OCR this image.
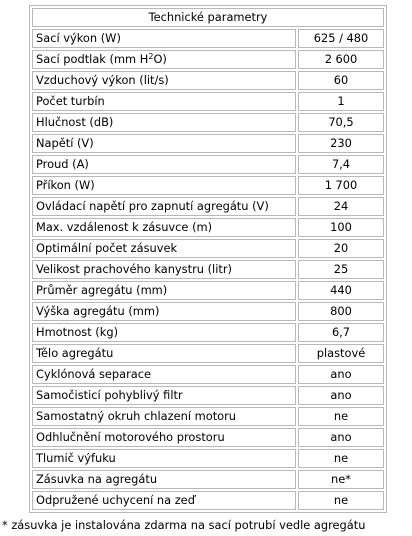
Technické parametry	
Sací výkon (W)	625 / 480
Sací podtlak (mm $H^2O$)	2 600
Vzduchový výkon (lit/s)	60
Počet turbín	1
Hlučnost (dB)	70,5
Napětí (V)	230
Proud (A)	7,4
Příkon (W)	1 700
Ovládací napětí pro zapnutí agregátu (V)	24
Max. vzdálenost k zásuvce (m)	100
Optimální počet zásuvek	20
Velikost prachového kanystru (litr)	25
Průměr agregátu (mm)	440
Výška agregátu (mm)	800
Hmotnost (kg)	6,7
Tělo agregátu	plastové
Cyklónová separace	ano
Samočisticí pohyblivý filtr	ano
Samostatný okruh chlazení motoru	ne
Odhlučnění motorového prostoru	ano
Tlumič výfuku	ne
Zásuvka na agregátu	ne*
Odpružené uchycení na zeď	ne
* zásuvka je instalována zdarma na sací potrubí vedle agregátu
